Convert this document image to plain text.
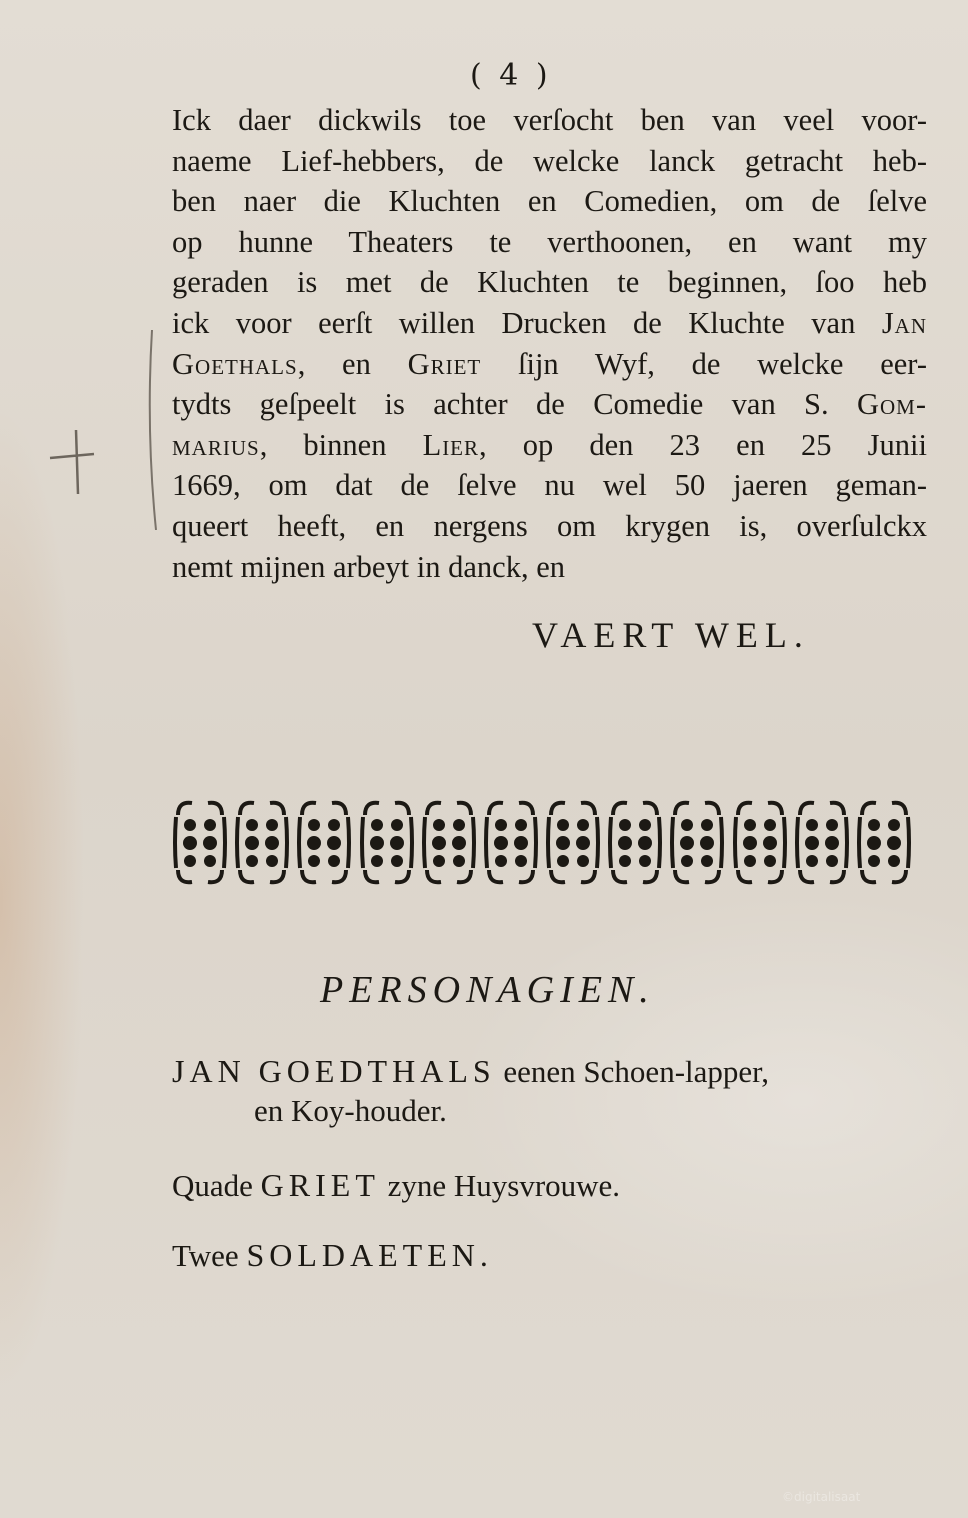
( 4 )
Ick daer dickwils toe verſocht ben van veel voor-
naeme Lief-hebbers, de welcke lanck getracht heb-
ben naer die Kluchten en Comedien, om de ſelve
op hunne Theaters te verthoonen, en want my
geraden is met de Kluchten te beginnen, ſoo heb
ick voor eerſt willen Drucken de Kluchte van Jan
Goethals, en Griet ſijn Wyf, de welcke eer-
tydts geſpeelt is achter de Comedie van S. Gom-
marius, binnen Lier, op den 23 en 25 Junii
1669, om dat de ſelve nu wel 50 jaeren geman-
queert heeft, en nergens om krygen is, overſulckx
nemt mijnen arbeyt in danck, en
VAERT WEL.
PERSONAGIEN.
JAN GOEDTHALS eenen Schoen-lapper,
en Koy-houder.
Quade GRIET zyne Huysvrouwe.
Twee SOLDAETEN.
©digitalisaat
